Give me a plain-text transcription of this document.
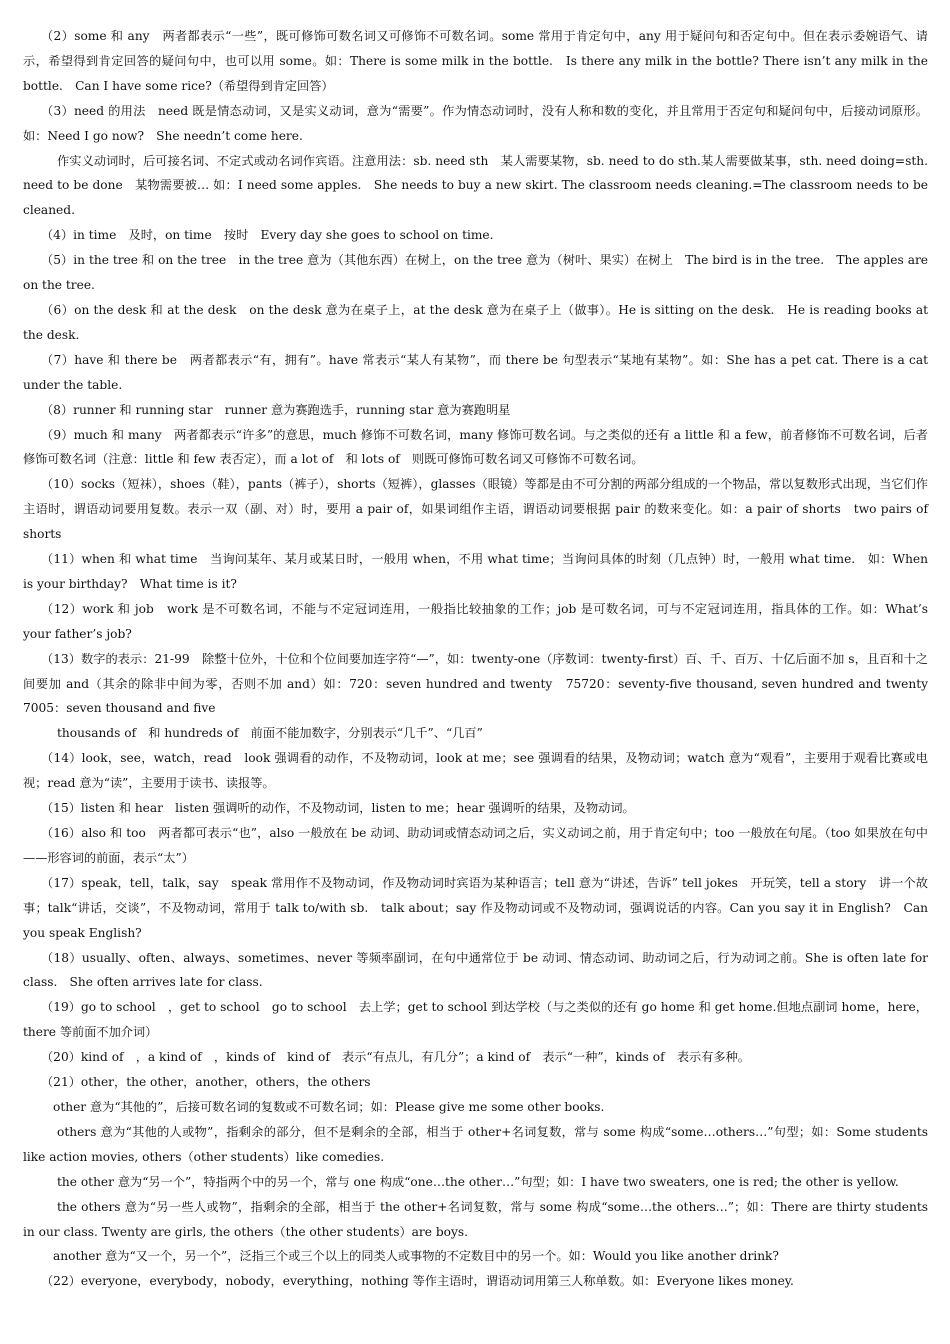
（2）some 和 any　两者都表示“一些”，既可修饰可数名词又可修饰不可数名词。some 常用于肯定句中，any 用于疑问句和否定句中。但在表示委婉语气、请示，希望得到肯定回答的疑问句中，也可以用 some。如：There is some milk in the bottle.　Is there any milk in the bottle? There isn’t any milk in the bottle.　Can I have some rice?（希望得到肯定回答）

（3）need 的用法　need 既是情态动词，又是实义动词，意为“需要”。作为情态动词时，没有人称和数的变化，并且常用于否定句和疑问句中，后接动词原形。如：Need I go now?　She needn’t come here.

作实义动词时，后可接名词、不定式或动名词作宾语。注意用法：sb. need sth　某人需要某物，sb. need to do sth.某人需要做某事，sth. need doing=sth. need to be done　某物需要被… 如：I need some apples.　She needs to buy a new skirt. The classroom needs cleaning.=The classroom needs to be cleaned.

（4）in time　及时，on time　按时　Every day she goes to school on time.

（5）in the tree 和 on the tree　in the tree 意为（其他东西）在树上，on the tree 意为（树叶、果实）在树上　The bird is in the tree.　The apples are on the tree.

（6）on the desk 和 at the desk　on the desk 意为在桌子上，at the desk 意为在桌子上（做事）。He is sitting on the desk.　He is reading books at the desk.

（7）have 和 there be　两者都表示“有，拥有”。have 常表示“某人有某物”，而 there be 句型表示“某地有某物”。如：She has a pet cat. There is a cat under the table.

（8）runner 和 running star　runner 意为赛跑选手，running star 意为赛跑明星

（9）much 和 many　两者都表示“许多”的意思，much 修饰不可数名词，many 修饰可数名词。与之类似的还有 a little 和 a few，前者修饰不可数名词，后者修饰可数名词（注意：little 和 few 表否定），而 a lot of　和 lots of　则既可修饰可数名词又可修饰不可数名词。

（10）socks（短袜），shoes（鞋），pants（裤子），shorts（短裤），glasses（眼镜）等都是由不可分割的两部分组成的一个物品，常以复数形式出现，当它们作主语时，谓语动词要用复数。表示一双（副、对）时，要用 a pair of，如果词组作主语，谓语动词要根据 pair 的数来变化。如：a pair of shorts　two pairs of shorts

（11）when 和 what time　当询问某年、某月或某日时，一般用 when，不用 what time；当询问具体的时刻（几点钟）时，一般用 what time.　如：When is your birthday?　What time is it?

（12）work 和 job　work 是不可数名词，不能与不定冠词连用，一般指比较抽象的工作；job 是可数名词，可与不定冠词连用，指具体的工作。如：What’s your father’s job?

（13）数字的表示：21-99　除整十位外，十位和个位间要加连字符“—”，如：twenty-one（序数词：twenty-first）百、千、百万、十亿后面不加 s，且百和十之间要加 and（其余的除非中间为零，否则不加 and）如：720：seven hundred and twenty　75720：seventy-five thousand, seven hundred and twenty　7005：seven thousand and five

thousands of　和 hundreds of　前面不能加数字，分别表示“几千”、“几百”

（14）look，see，watch，read　look 强调看的动作，不及物动词，look at me；see 强调看的结果，及物动词；watch 意为“观看”，主要用于观看比赛或电视；read 意为“读”，主要用于读书、读报等。

（15）listen 和 hear　listen 强调听的动作，不及物动词，listen to me；hear 强调听的结果，及物动词。

（16）also 和 too　两者都可表示“也”，also 一般放在 be 动词、助动词或情态动词之后，实义动词之前，用于肯定句中；too 一般放在句尾。（too 如果放在句中——形容词的前面，表示“太”）

（17）speak，tell，talk，say　speak 常用作不及物动词，作及物动词时宾语为某种语言；tell 意为“讲述，告诉” tell jokes　开玩笑，tell a story　讲一个故事；talk“讲话，交谈”，不及物动词，常用于 talk to/with sb.　talk about；say 作及物动词或不及物动词，强调说话的内容。Can you say it in English?　Can you speak English?

（18）usually、often、always、sometimes、never 等频率副词，在句中通常位于 be 动词、情态动词、助动词之后，行为动词之前。She is often late for class.　She often arrives late for class.

（19）go to school　，get to school　go to school　去上学；get to school 到达学校（与之类似的还有 go home 和 get home.但地点副词 home，here，there 等前面不加介词）

（20）kind of　，a kind of　，kinds of　kind of　表示“有点儿，有几分”；a kind of　表示“一种”，kinds of　表示有多种。

（21）other，the other，another，others，the others

other 意为“其他的”，后接可数名词的复数或不可数名词；如：Please give me some other books.

others 意为“其他的人或物”，指剩余的部分，但不是剩余的全部，相当于 other+名词复数，常与 some 构成“some…others…”句型；如：Some students like action movies, others（other students）like comedies.

the other 意为“另一个”，特指两个中的另一个，常与 one 构成“one…the other…”句型；如：I have two sweaters, one is red; the other is yellow.

the others 意为“另一些人或物”，指剩余的全部，相当于 the other+名词复数，常与 some 构成“some…the others…”；如：There are thirty students in our class. Twenty are girls, the others（the other students）are boys.

another 意为“又一个，另一个”，泛指三个或三个以上的同类人或事物的不定数目中的另一个。如：Would you like another drink?

（22）everyone，everybody，nobody，everything，nothing 等作主语时，谓语动词用第三人称单数。如：Everyone likes money.
